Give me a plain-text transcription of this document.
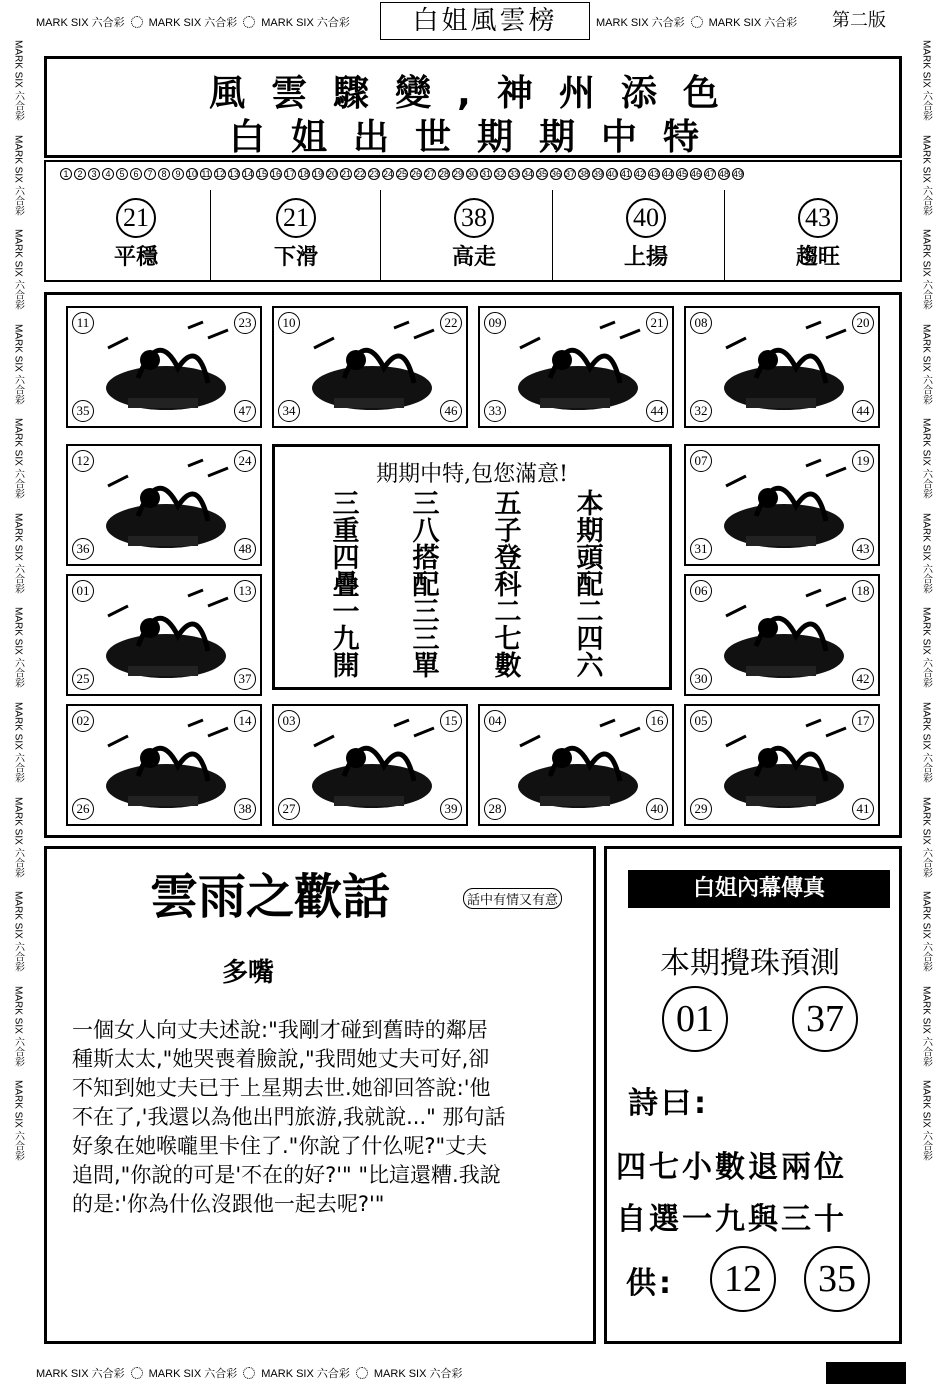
MARK SIX 六合彩 MARK SIX 六合彩 MARK SIX 六合彩	白姐風雲榜	MARK SIX 六合彩 MARK SIX 六合彩 第二版
MARK SIX 六合彩
MARK SIX 六合彩
MARK SIX 六合彩
MARK SIX 六合彩
MARK SIX 六合彩
MARK SIX 六合彩
MARK SIX 六合彩
MARK SIX 六合彩
MARK SIX 六合彩
MARK SIX 六合彩
MARK SIX 六合彩
MARK SIX 六合彩
MARK SIX 六合彩
MARK SIX 六合彩
MARK SIX 六合彩
MARK SIX 六合彩
MARK SIX 六合彩
MARK SIX 六合彩
MARK SIX 六合彩
MARK SIX 六合彩
MARK SIX 六合彩
MARK SIX 六合彩
MARK SIX 六合彩
MARK SIX 六合彩
風雲驟變,神州添色
白姐出世期期中特
1 2 3 4 5 6 7 8 9 10 11 12 13 14 15 16 17 18 19 20 21 22 23 24 25 26 27 28 29 30 31 32 33 34 35 36 37 38 39 40 41 42 43 44 45 46 47 48 49
21
平穩
21
下滑
38
高走
40
上揚
43
趨旺
11	23
35	47
10	22
34	46
09	21
33	44
08	20
32	44
12	24
36	48
07	19
31	43
01	13
25	37
06	18
30	42
02	14
26	38
03	15
27	39
04	16
28	40
05	17
29	41
期期中特,包您滿意!
本期頭配二四六
五子登科二七數
三八搭配三三單
三重四疊一九開
雲雨之歡話	話中有情又有意
多嘴
一個女人向丈夫述說:"我剛才碰到舊時的鄰居
種斯太太,"她哭喪着臉說,"我問她丈夫可好,卻
不知到她丈夫已于上星期去世.她卻回答說:'他
不在了,'我還以為他出門旅游,我就說..." 那句話
好象在她喉嚨里卡住了."你說了什仫呢?"丈夫
追問,"你說的可是'不在的好?'" "比這還糟.我說
的是:'你為什仫沒跟他一起去呢?'"
白姐內幕傳真
本期攪珠預測
01	37
詩曰:
四七小數退兩位
自選一九與三十
供:	12	35
MARK SIX 六合彩 MARK SIX 六合彩 MARK SIX 六合彩 MARK SIX 六合彩
